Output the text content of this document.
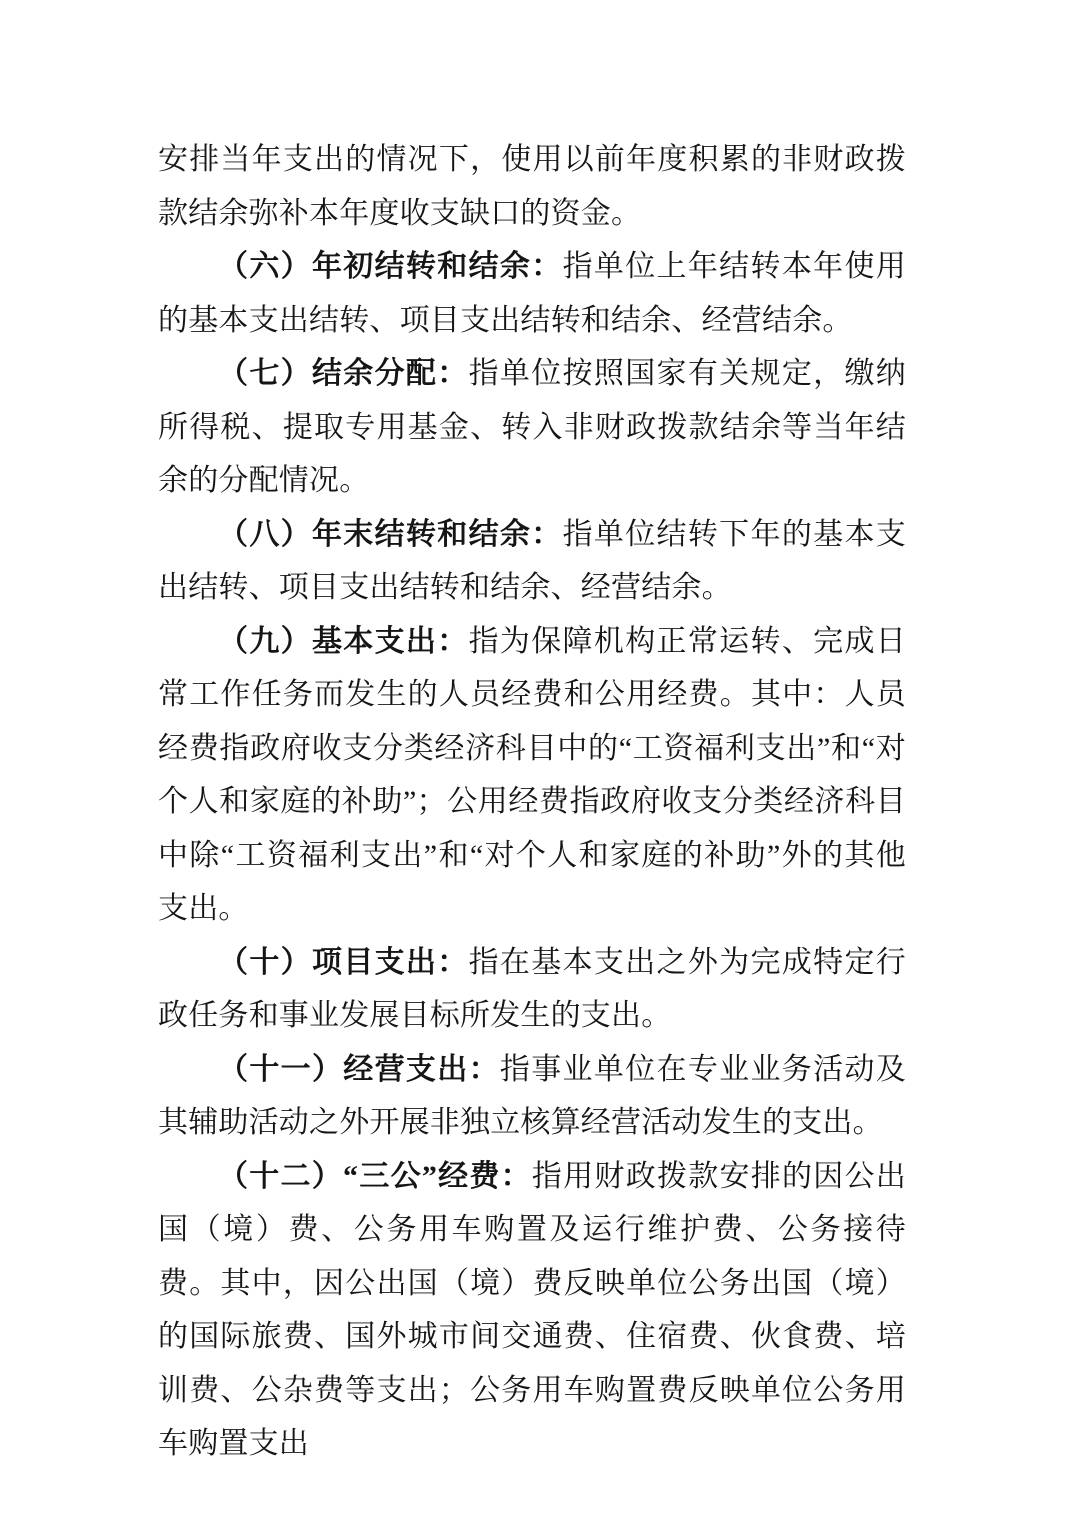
安排当年支出的情况下，使用以前年度积累的非财政拨款结余弥补本年度收支缺口的资金。

（六）年初结转和结余：指单位上年结转本年使用的基本支出结转、项目支出结转和结余、经营结余。

（七）结余分配：指单位按照国家有关规定，缴纳所得税、提取专用基金、转入非财政拨款结余等当年结余的分配情况。

（八）年末结转和结余：指单位结转下年的基本支出结转、项目支出结转和结余、经营结余。

（九）基本支出：指为保障机构正常运转、完成日常工作任务而发生的人员经费和公用经费。其中：人员经费指政府收支分类经济科目中的“工资福利支出”和“对个人和家庭的补助”；公用经费指政府收支分类经济科目中除“工资福利支出”和“对个人和家庭的补助”外的其他支出。

（十）项目支出：指在基本支出之外为完成特定行政任务和事业发展目标所发生的支出。

（十一）经营支出：指事业单位在专业业务活动及其辅助活动之外开展非独立核算经营活动发生的支出。

（十二）“三公”经费：指用财政拨款安排的因公出国（境）费、公务用车购置及运行维护费、公务接待费。其中，因公出国（境）费反映单位公务出国（境）的国际旅费、国外城市间交通费、住宿费、伙食费、培训费、公杂费等支出；公务用车购置费反映单位公务用车购置支出
